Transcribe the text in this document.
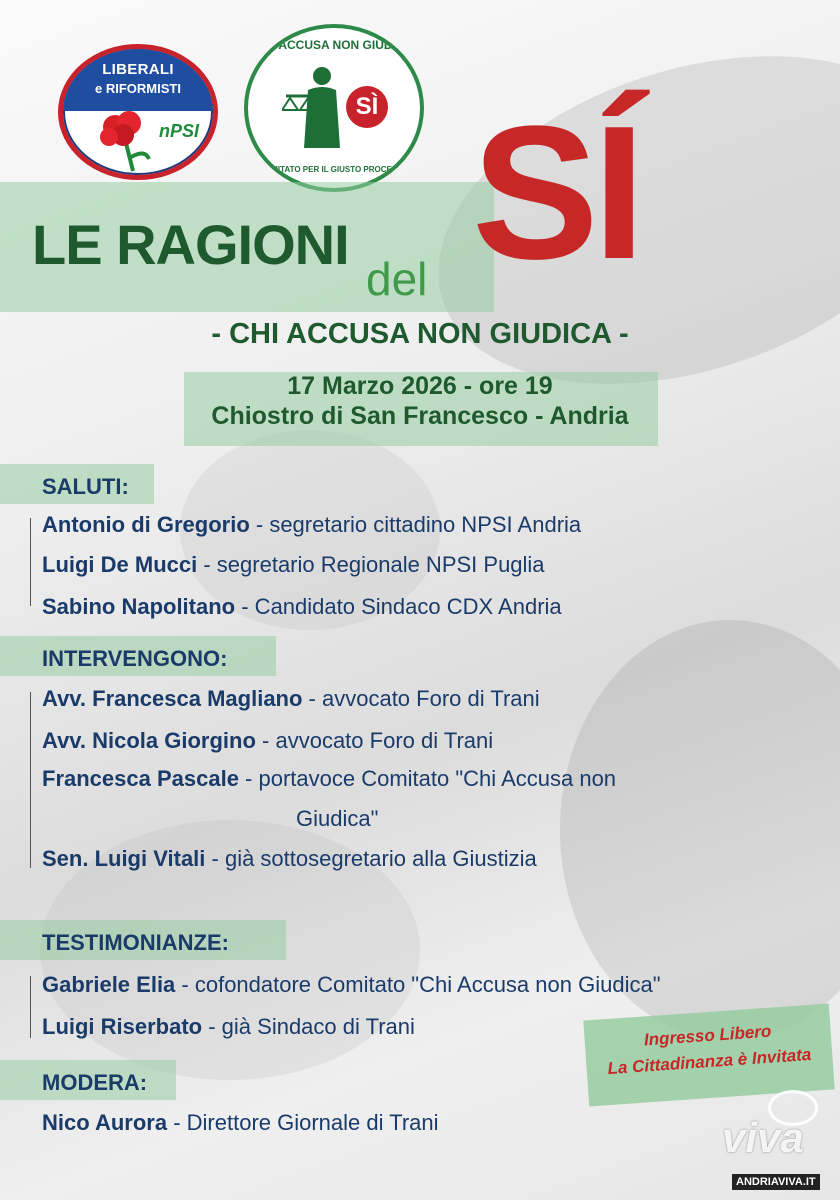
LIBERALI
e RIFORMISTI
nPSI
CHI ACCUSA NON GIUDICA
SÌ
COMITATO PER IL GIUSTO PROCESSO
LE RAGIONI
del SÍ
- CHI ACCUSA NON GIUDICA -
17 Marzo 2026 - ore 19
Chiostro di San Francesco - Andria
SALUTI:
Antonio di Gregorio - segretario cittadino NPSI Andria
Luigi De Mucci - segretario Regionale NPSI Puglia
Sabino Napolitano - Candidato Sindaco CDX Andria
INTERVENGONO:
Avv. Francesca Magliano - avvocato Foro di Trani
Avv. Nicola Giorgino - avvocato Foro di Trani
Francesca Pascale - portavoce Comitato "Chi Accusa non
Giudica"
Sen. Luigi Vitali - già sottosegretario alla Giustizia
TESTIMONIANZE:
Gabriele Elia - cofondatore Comitato "Chi Accusa non Giudica"
Luigi Riserbato - già Sindaco di Trani
MODERA:
Nico Aurora - Direttore Giornale di Trani
Ingresso Libero
La Cittadinanza è Invitata
viva
ANDRIAVIVA.IT
